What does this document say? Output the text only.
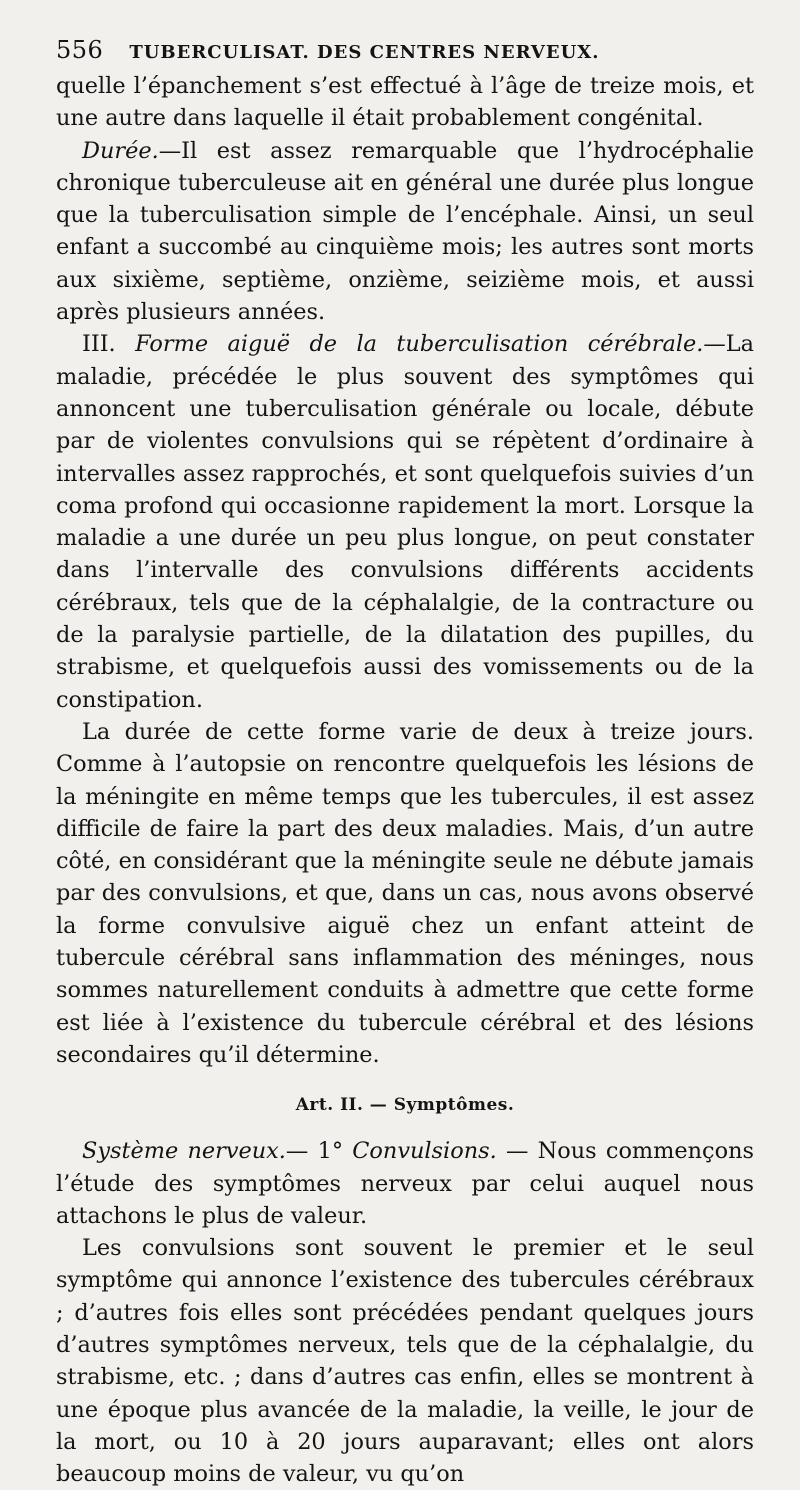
556 TUBERCULISAT. DES CENTRES NERVEUX.

quelle l’épanchement s’est effectué à l’âge de treize mois, et une autre dans laquelle il était probablement congénital.

Durée.—Il est assez remarquable que l’hydrocéphalie chronique tuberculeuse ait en général une durée plus longue que la tuberculisation simple de l’encéphale. Ainsi, un seul enfant a succombé au cinquième mois; les autres sont morts aux sixième, septième, onzième, seizième mois, et aussi après plusieurs années.

III. Forme aiguë de la tuberculisation cérébrale.—La maladie, précédée le plus souvent des symptômes qui annoncent une tuberculisation générale ou locale, débute par de violentes convulsions qui se répètent d’ordinaire à intervalles assez rapprochés, et sont quelquefois suivies d’un coma profond qui occasionne rapidement la mort. Lorsque la maladie a une durée un peu plus longue, on peut constater dans l’intervalle des convulsions différents accidents cérébraux, tels que de la céphalalgie, de la contracture ou de la paralysie partielle, de la dilatation des pupilles, du strabisme, et quelquefois aussi des vomissements ou de la constipation.

La durée de cette forme varie de deux à treize jours. Comme à l’autopsie on rencontre quelquefois les lésions de la méningite en même temps que les tubercules, il est assez difficile de faire la part des deux maladies. Mais, d’un autre côté, en considérant que la méningite seule ne débute jamais par des convulsions, et que, dans un cas, nous avons observé la forme convulsive aiguë chez un enfant atteint de tubercule cérébral sans inflammation des méninges, nous sommes naturellement conduits à admettre que cette forme est liée à l’existence du tubercule cérébral et des lésions secondaires qu’il détermine.

Art. II. — Symptômes.

Système nerveux.— 1° Convulsions. — Nous commençons l’étude des symptômes nerveux par celui auquel nous attachons le plus de valeur.

Les convulsions sont souvent le premier et le seul symptôme qui annonce l’existence des tubercules cérébraux ; d’autres fois elles sont précédées pendant quelques jours d’autres symptômes nerveux, tels que de la céphalalgie, du strabisme, etc. ; dans d’autres cas enfin, elles se montrent à une époque plus avancée de la maladie, la veille, le jour de la mort, ou 10 à 20 jours auparavant; elles ont alors beaucoup moins de valeur, vu qu’on
